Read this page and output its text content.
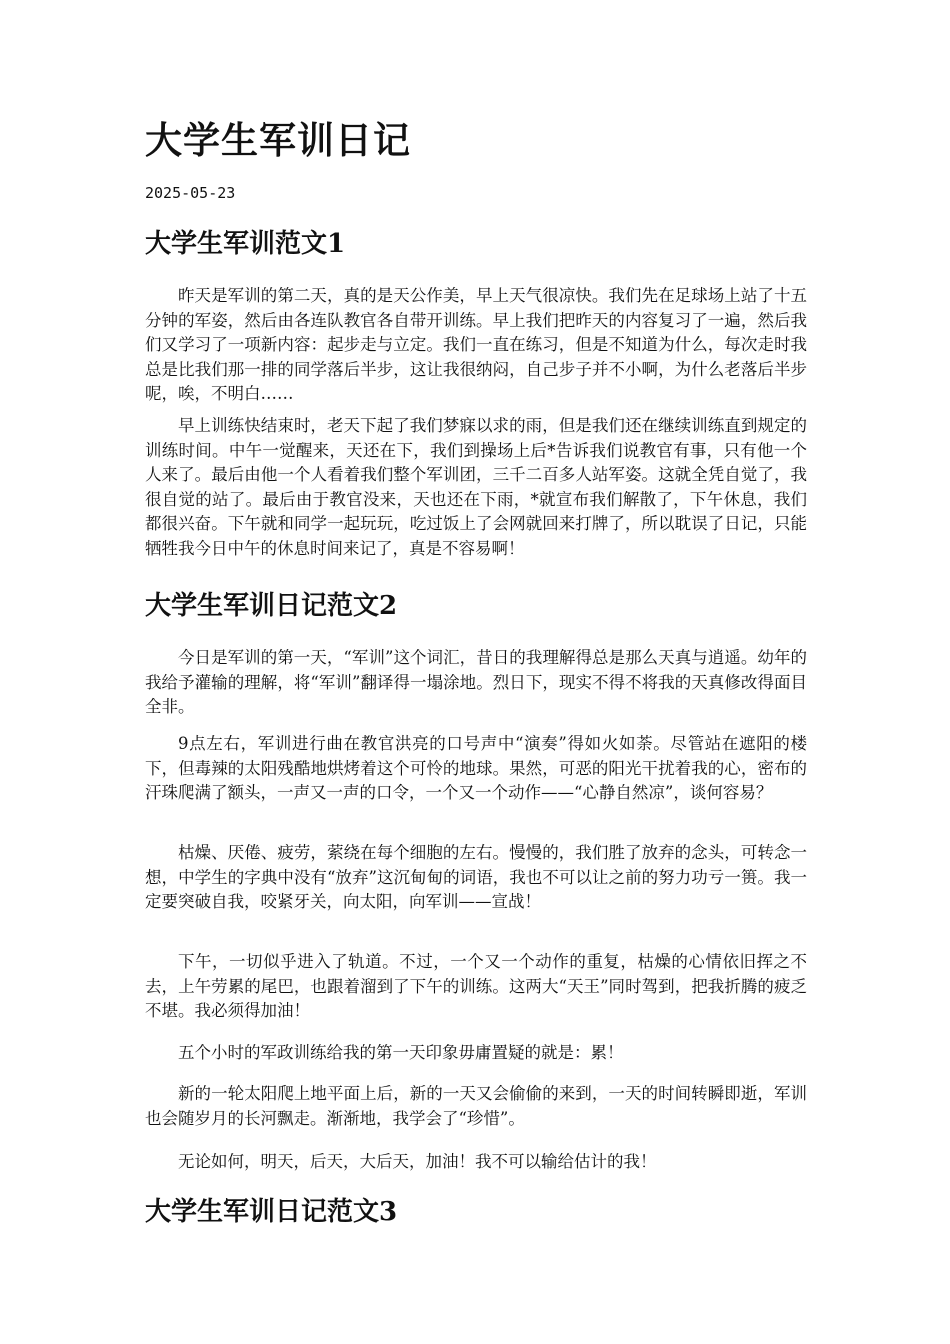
大学生军训日记
2025-05-23
大学生军训范文1

昨天是军训的第二天，真的是天公作美，早上天气很凉快。我们先在足球场上站了十五分钟的军姿，然后由各连队教官各自带开训练。早上我们把昨天的内容复习了一遍，然后我们又学习了一项新内容：起步走与立定。我们一直在练习，但是不知道为什么，每次走时我总是比我们那一排的同学落后半步，这让我很纳闷，自己步子并不小啊，为什么老落后半步呢，唉，不明白……

早上训练快结束时，老天下起了我们梦寐以求的雨，但是我们还在继续训练直到规定的训练时间。中午一觉醒来，天还在下，我们到操场上后*告诉我们说教官有事，只有他一个人来了。最后由他一个人看着我们整个军训团，三千二百多人站军姿。这就全凭自觉了，我很自觉的站了。最后由于教官没来，天也还在下雨，*就宣布我们解散了，下午休息，我们都很兴奋。下午就和同学一起玩玩，吃过饭上了会网就回来打牌了，所以耽误了日记，只能牺牲我今日中午的休息时间来记了，真是不容易啊！

大学生军训日记范文2

今日是军训的第一天，“军训”这个词汇，昔日的我理解得总是那么天真与逍遥。幼年的我给予灌输的理解，将“军训”翻译得一塌涂地。烈日下，现实不得不将我的天真修改得面目全非。

9点左右，军训进行曲在教官洪亮的口号声中“演奏”得如火如荼。尽管站在遮阳的楼下，但毒辣的太阳残酷地烘烤着这个可怜的地球。果然，可恶的阳光干扰着我的心，密布的汗珠爬满了额头，一声又一声的口令，一个又一个动作——“心静自然凉”，谈何容易？

枯燥、厌倦、疲劳，萦绕在每个细胞的左右。慢慢的，我们胜了放弃的念头，可转念一想，中学生的字典中没有“放弃”这沉甸甸的词语，我也不可以让之前的努力功亏一篑。我一定要突破自我，咬紧牙关，向太阳，向军训——宣战！

下午，一切似乎进入了轨道。不过，一个又一个动作的重复，枯燥的心情依旧挥之不去，上午劳累的尾巴，也跟着溜到了下午的训练。这两大“天王”同时驾到，把我折腾的疲乏不堪。我必须得加油！

五个小时的军政训练给我的第一天印象毋庸置疑的就是：累！

新的一轮太阳爬上地平面上后，新的一天又会偷偷的来到，一天的时间转瞬即逝，军训也会随岁月的长河飘走。渐渐地，我学会了“珍惜”。

无论如何，明天，后天，大后天，加油！我不可以输给估计的我！

大学生军训日记范文3
